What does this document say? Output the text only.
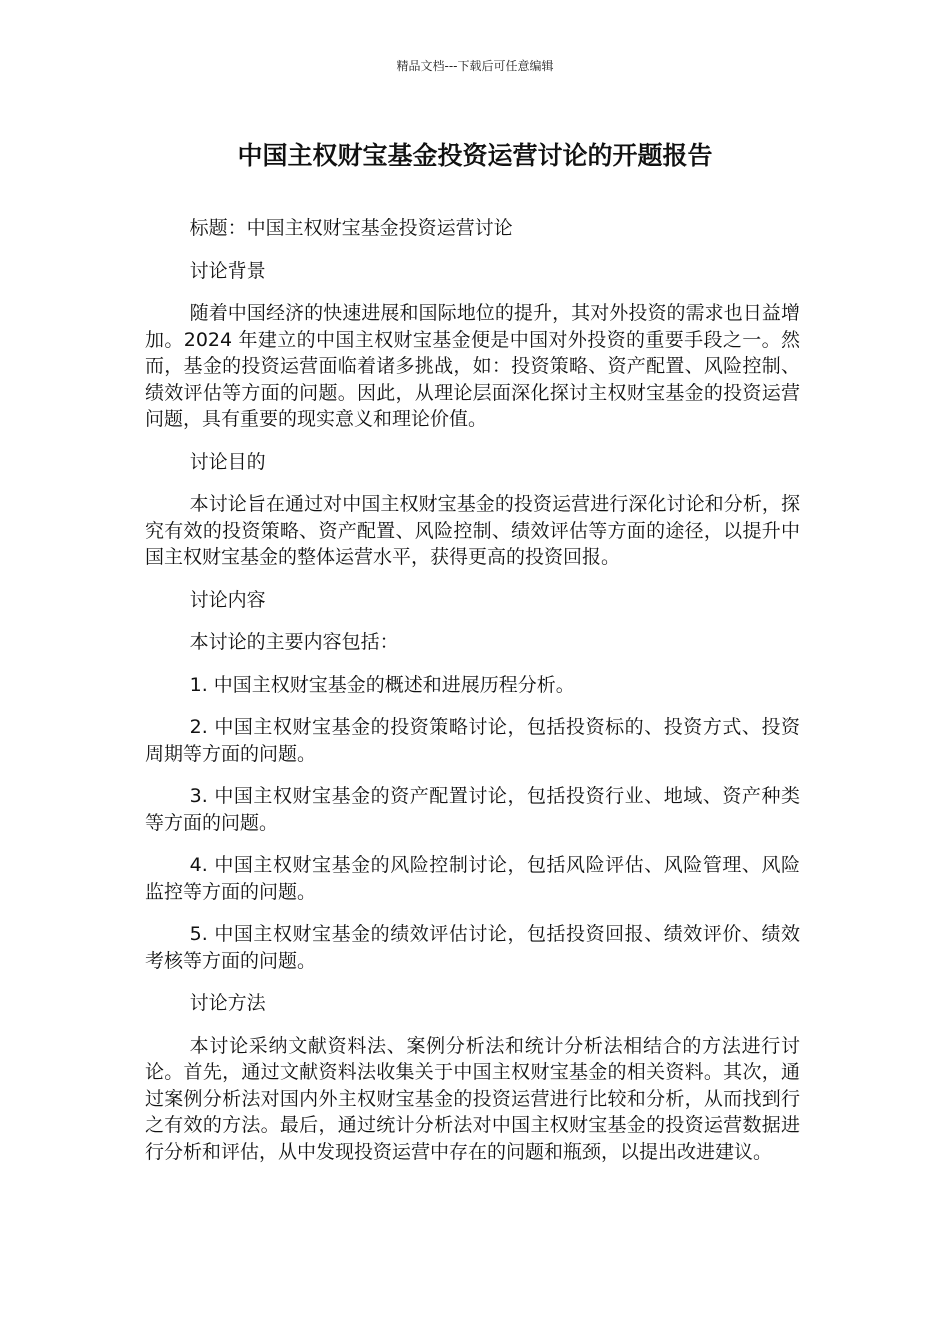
精品文档---下载后可任意编辑
中国主权财宝基金投资运营讨论的开题报告

标题：中国主权财宝基金投资运营讨论

讨论背景

随着中国经济的快速进展和国际地位的提升，其对外投资的需求也日益增加。2024 年建立的中国主权财宝基金便是中国对外投资的重要手段之一。然而，基金的投资运营面临着诸多挑战，如：投资策略、资产配置、风险控制、绩效评估等方面的问题。因此，从理论层面深化探讨主权财宝基金的投资运营问题，具有重要的现实意义和理论价值。

讨论目的

本讨论旨在通过对中国主权财宝基金的投资运营进行深化讨论和分析，探究有效的投资策略、资产配置、风险控制、绩效评估等方面的途径，以提升中国主权财宝基金的整体运营水平，获得更高的投资回报。

讨论内容

本讨论的主要内容包括：

1. 中国主权财宝基金的概述和进展历程分析。

2. 中国主权财宝基金的投资策略讨论，包括投资标的、投资方式、投资周期等方面的问题。

3. 中国主权财宝基金的资产配置讨论，包括投资行业、地域、资产种类等方面的问题。

4. 中国主权财宝基金的风险控制讨论，包括风险评估、风险管理、风险监控等方面的问题。

5. 中国主权财宝基金的绩效评估讨论，包括投资回报、绩效评价、绩效考核等方面的问题。

讨论方法

本讨论采纳文献资料法、案例分析法和统计分析法相结合的方法进行讨论。首先，通过文献资料法收集关于中国主权财宝基金的相关资料。其次，通过案例分析法对国内外主权财宝基金的投资运营进行比较和分析，从而找到行之有效的方法。最后，通过统计分析法对中国主权财宝基金的投资运营数据进行分析和评估，从中发现投资运营中存在的问题和瓶颈，以提出改进建议。
